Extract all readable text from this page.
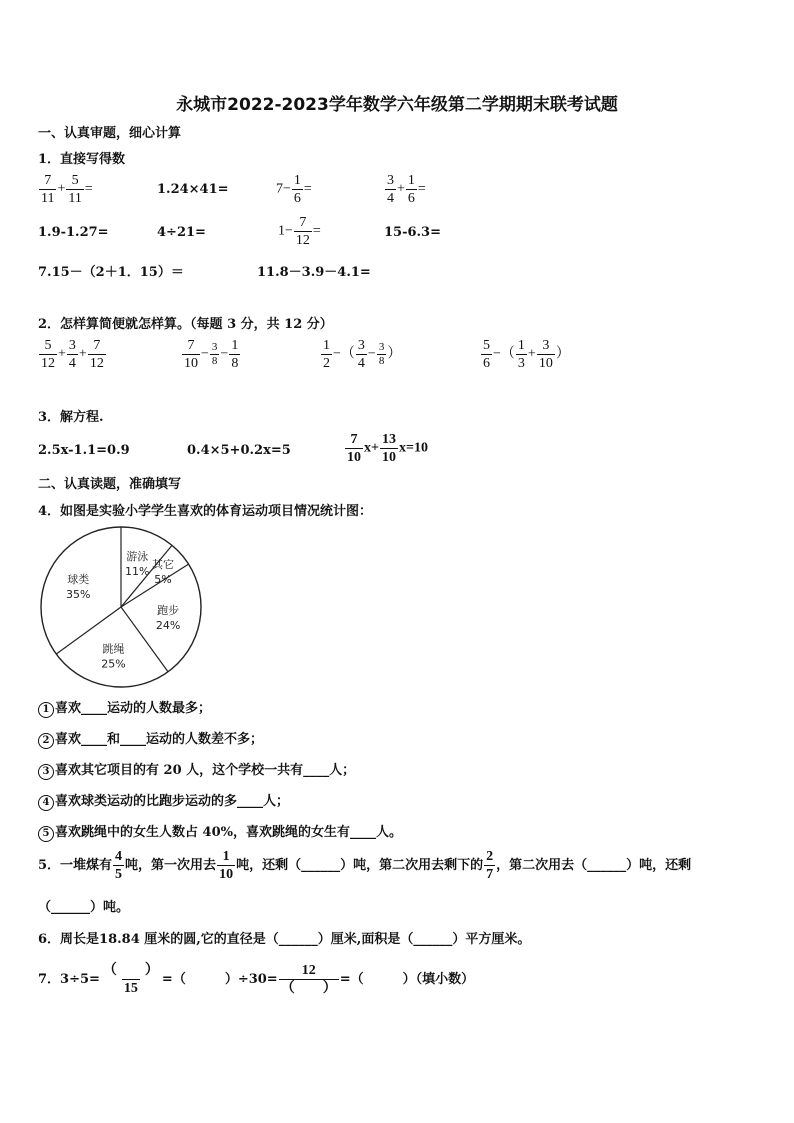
永城市2022-2023学年数学六年级第二学期期末联考试题
一、认真审题，细心计算
1．直接写得数
$\frac{7}{11} + \frac{5}{11}$ =	1.24×41=	$7- \frac{1}{6}$ =	$\frac{3}{4} + \frac{1}{6}$ =
1.9-1.27=	4÷21=	$1- \frac{7}{12}$ =	15-6.3=
7.15－（2＋1．15）＝	11.8－3.9－4.1=
2．怎样算简便就怎样算。（每题 3 分，共 12 分）
$\frac{5}{12} + \frac{3}{4} + \frac{7}{12}$	$\frac{7}{10} - \frac{3}{8} - \frac{1}{8}$	$\frac{1}{2}$ −（ $\frac{3}{4} - \frac{3}{8}$ ）	$\frac{5}{6}$ −（ $\frac{1}{3} + \frac{3}{10}$ ）
3．解方程.
2.5x-1.1=0.9	0.4×5+0.2x=5	$\frac{7}{10} x+ \frac{13}{10} x=10$
二、认真读题，准确填写
4．如图是实验小学学生喜欢的体育运动项目情况统计图：
游泳
11%
其它
5%
跑步
24%
跳绳
25%
球类
35%
1 喜欢____运动的人数最多；
2 喜欢____和____运动的人数差不多；
3 喜欢其它项目的有 20 人，这个学校一共有____人；
4 喜欢球类运动的比跑步运动的多____人；
5 喜欢跳绳中的女生人数占 40%，喜欢跳绳的女生有____人。
5．一堆煤有 $\frac{4}{5}$ 吨，第一次用去 $\frac{1}{10}$ 吨，还剩（______）吨，第二次用去剩下的 $\frac{2}{7}$ ，第二次用去（______）吨，还剩
（______）吨。
6．周长是18.84 厘米的圆,它的直径是（______）厘米,面积是（______）平方厘米。
7．$3\div 5= \frac{( )}{15}$ =（　　　）$\div 30= \frac{12}{( )}$ =（　　　）（填小数）
